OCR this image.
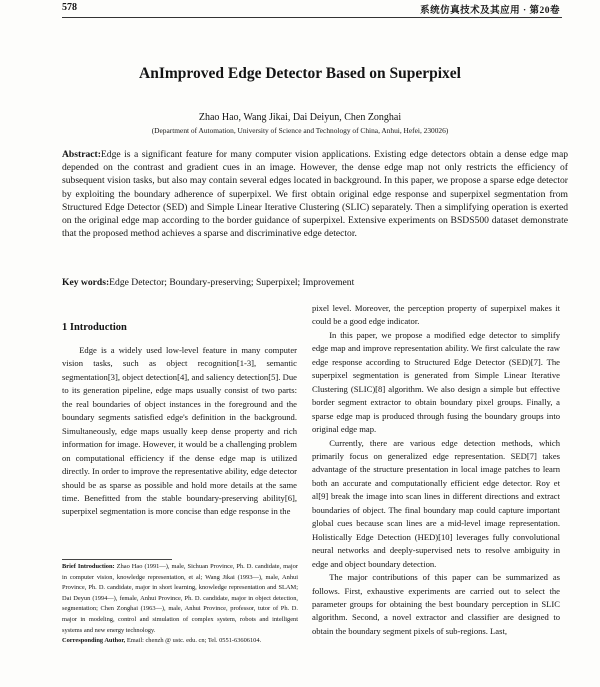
578	系统仿真技术及其应用 · 第20卷
AnImproved Edge Detector Based on Superpixel
Zhao Hao, Wang Jikai, Dai Deiyun, Chen Zonghai
(Department of Automation, University of Science and Technology of China, Anhui, Hefei, 230026)
Abstract:Edge is a significant feature for many computer vision applications. Existing edge detectors obtain a dense edge map depended on the contrast and gradient cues in an image. However, the dense edge map not only restricts the efficiency of subsequent vision tasks, but also may contain several edges located in background. In this paper, we propose a sparse edge detector by exploiting the boundary adherence of superpixel. We first obtain original edge response and superpixel segmentation from Structured Edge Detector (SED) and Simple Linear Iterative Clustering (SLIC) separately. Then a simplifying operation is exerted on the original edge map according to the border guidance of superpixel. Extensive experiments on BSDS500 dataset demonstrate that the proposed method achieves a sparse and discriminative edge detector.
Key words:Edge Detector; Boundary-preserving; Superpixel; Improvement
1 Introduction

Edge is a widely used low-level feature in many computer vision tasks, such as object recognition[1-3], semantic segmentation[3], object detection[4], and saliency detection[5]. Due to its generation pipeline, edge maps usually consist of two parts: the real boundaries of object instances in the foreground and the boundary segments satisfied edge's definition in the background. Simultaneously, edge maps usually keep dense property and rich information for image. However, it would be a challenging problem on computational efficiency if the dense edge map is utilized directly. In order to improve the representative ability, edge detector should be as sparse as possible and hold more details at the same time. Benefitted from the stable boundary-preserving ability[6], superpixel segmentation is more concise than edge response in the

Brief Introduction: Zhao Hao (1991—), male, Sichuan Province, Ph. D. candidate, major in computer vision, knowledge representation, et al; Wang Jikai (1993—), male, Anhui Province, Ph. D. candidate, major in short learning, knowledge representation and SLAM; Dai Deyun (1994—), female, Anhui Province, Ph. D. candidate, major in object detection, segmentation; Chen Zonghai (1963—), male, Anhui Province, professor, tutor of Ph. D. major in modeling, control and simulation of complex system, robots and intelligent systems and new energy technology.
Corresponding Author, Email: chenzh @ ustc. edu. cn; Tel. 0551-63606104.

pixel level. Moreover, the perception property of superpixel makes it could be a good edge indicator.

In this paper, we propose a modified edge detector to simplify edge map and improve representation ability. We first calculate the raw edge response according to Structured Edge Detector (SED)[7]. The superpixel segmentation is generated from Simple Linear Iterative Clustering (SLIC)[8] algorithm. We also design a simple but effective border segment extractor to obtain boundary pixel groups. Finally, a sparse edge map is produced through fusing the boundary groups into original edge map.

Currently, there are various edge detection methods, which primarily focus on generalized edge representation. SED[7] takes advantage of the structure presentation in local image patches to learn both an accurate and computationally efficient edge detector. Roy et al[9] break the image into scan lines in different directions and extract boundaries of object. The final boundary map could capture important global cues because scan lines are a mid-level image representation. Holistically Edge Detection (HED)[10] leverages fully convolutional neural networks and deeply-supervised nets to resolve ambiguity in edge and object boundary detection.

The major contributions of this paper can be summarized as follows. First, exhaustive experiments are carried out to select the parameter groups for obtaining the best boundary perception in SLIC algorithm. Second, a novel extractor and classifier are designed to obtain the boundary segment pixels of sub-regions. Last,
